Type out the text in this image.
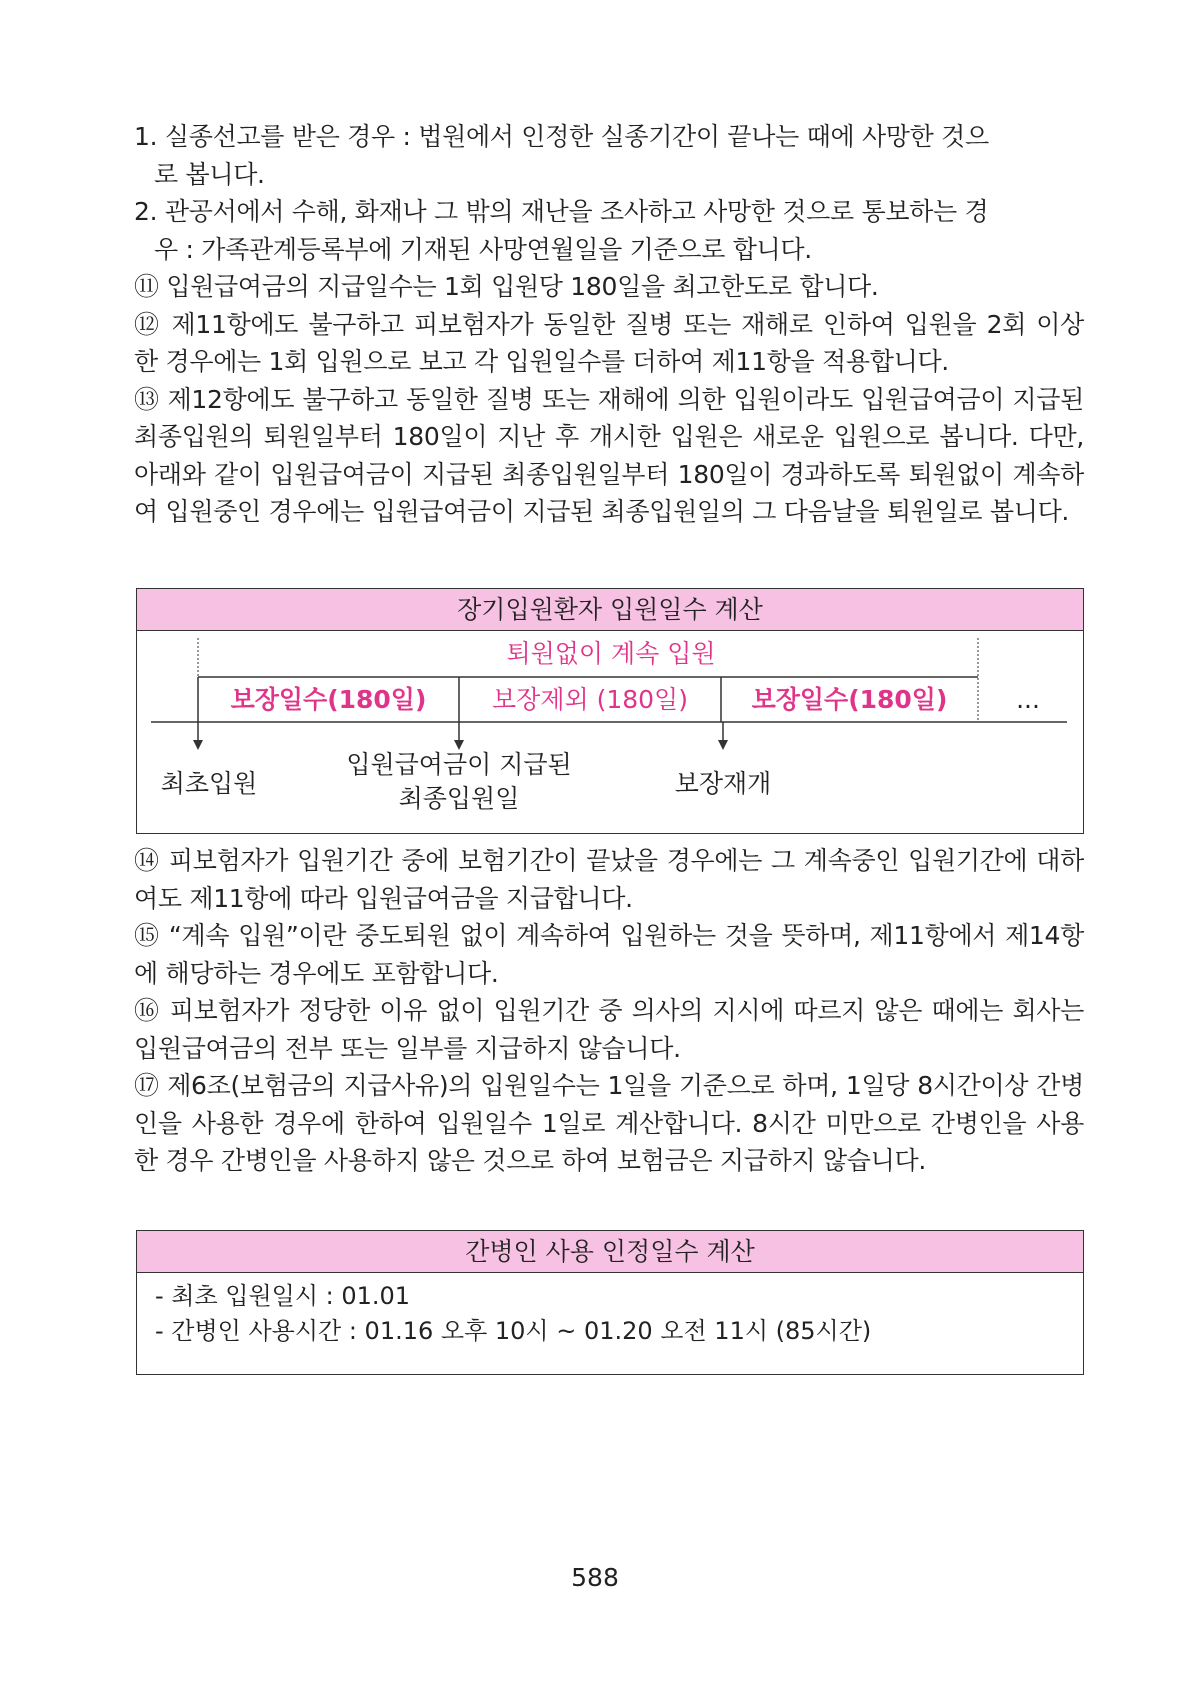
1. 실종선고를 받은 경우 : 법원에서 인정한 실종기간이 끝나는 때에 사망한 것으
로 봅니다.
2. 관공서에서 수해, 화재나 그 밖의 재난을 조사하고 사망한 것으로 통보하는 경
우 : 가족관계등록부에 기재된 사망연월일을 기준으로 합니다.
⑪ 입원급여금의 지급일수는 1회 입원당 180일을 최고한도로 합니다.
⑫ 제11항에도 불구하고 피보험자가 동일한 질병 또는 재해로 인하여 입원을 2회 이상 한 경우에는 1회 입원으로 보고 각 입원일수를 더하여 제11항을 적용합니다.
⑬ 제12항에도 불구하고 동일한 질병 또는 재해에 의한 입원이라도 입원급여금이 지급된 최종입원의 퇴원일부터 180일이 지난 후 개시한 입원은 새로운 입원으로 봅니다. 다만, 아래와 같이 입원급여금이 지급된 최종입원일부터 180일이 경과하도록 퇴원없이 계속하여 입원중인 경우에는 입원급여금이 지급된 최종입원일의 그 다음날을 퇴원일로 봅니다.
장기입원환자 입원일수 계산
퇴원없이 계속 입원
보장일수(180일)	보장제외 (180일)	보장일수(180일)	...
최초입원
입원급여금이 지급된
최종입원일
보장재개
⑭ 피보험자가 입원기간 중에 보험기간이 끝났을 경우에는 그 계속중인 입원기간에 대하여도 제11항에 따라 입원급여금을 지급합니다.
⑮ “계속 입원”이란 중도퇴원 없이 계속하여 입원하는 것을 뜻하며, 제11항에서 제14항에 해당하는 경우에도 포함합니다.
⑯ 피보험자가 정당한 이유 없이 입원기간 중 의사의 지시에 따르지 않은 때에는 회사는 입원급여금의 전부 또는 일부를 지급하지 않습니다.
⑰ 제6조(보험금의 지급사유)의 입원일수는 1일을 기준으로 하며, 1일당 8시간이상 간병인을 사용한 경우에 한하여 입원일수 1일로 계산합니다. 8시간 미만으로 간병인을 사용한 경우 간병인을 사용하지 않은 것으로 하여 보험금은 지급하지 않습니다.
간병인 사용 인정일수 계산
- 최초 입원일시 : 01.01
- 간병인 사용시간 : 01.16 오후 10시 ~ 01.20 오전 11시 (85시간)
588
